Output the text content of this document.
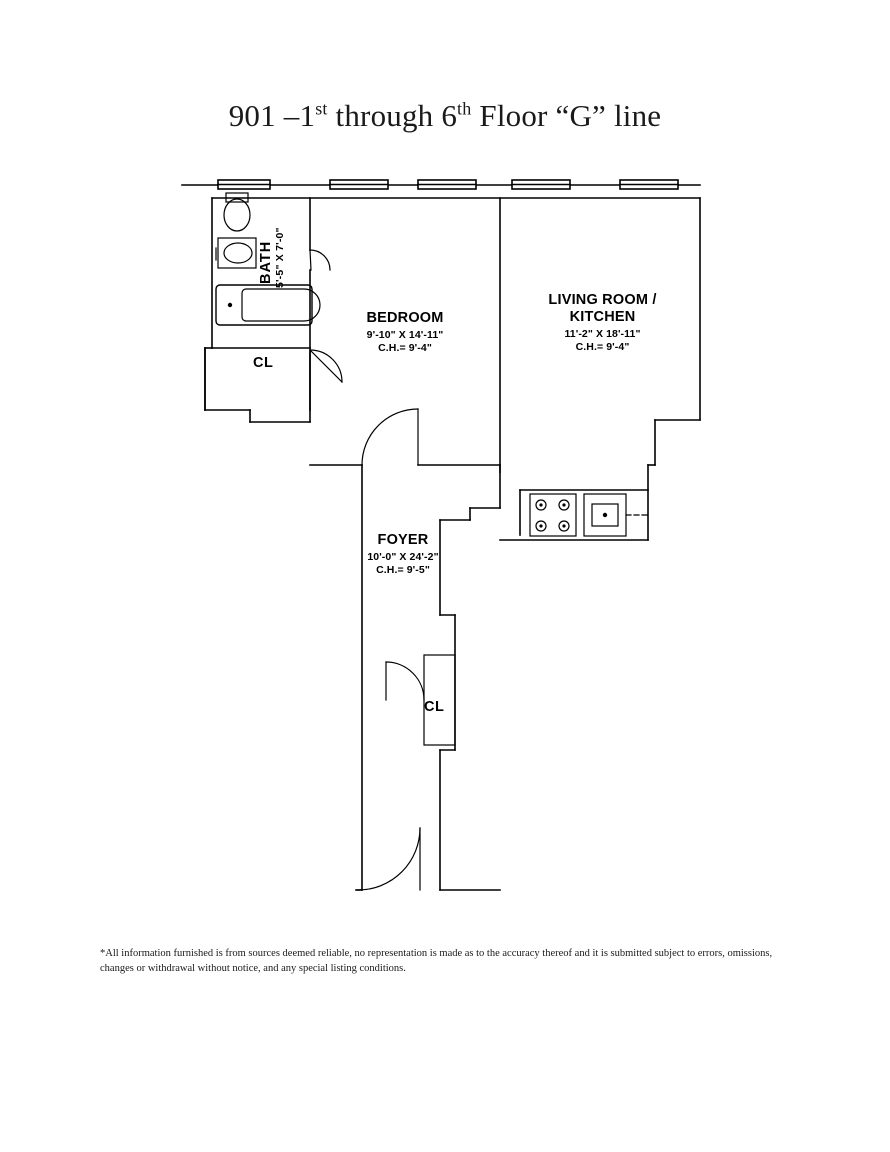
901 –1st through 6th Floor “G” line
BATH 5'-5" X 7'-0"
BEDROOM
9'-10" X 14'-11"
C.H.= 9'-4"
LIVING ROOM /
KITCHEN
11'-2" X 18'-11"
C.H.= 9'-4"
FOYER
10'-0" X 24'-2"
C.H.= 9'-5"
CL
CL
*All information furnished is from sources deemed reliable, no representation is made as to the accuracy thereof and it is submitted subject to errors, omissions, changes or withdrawal without notice, and any special listing conditions.
